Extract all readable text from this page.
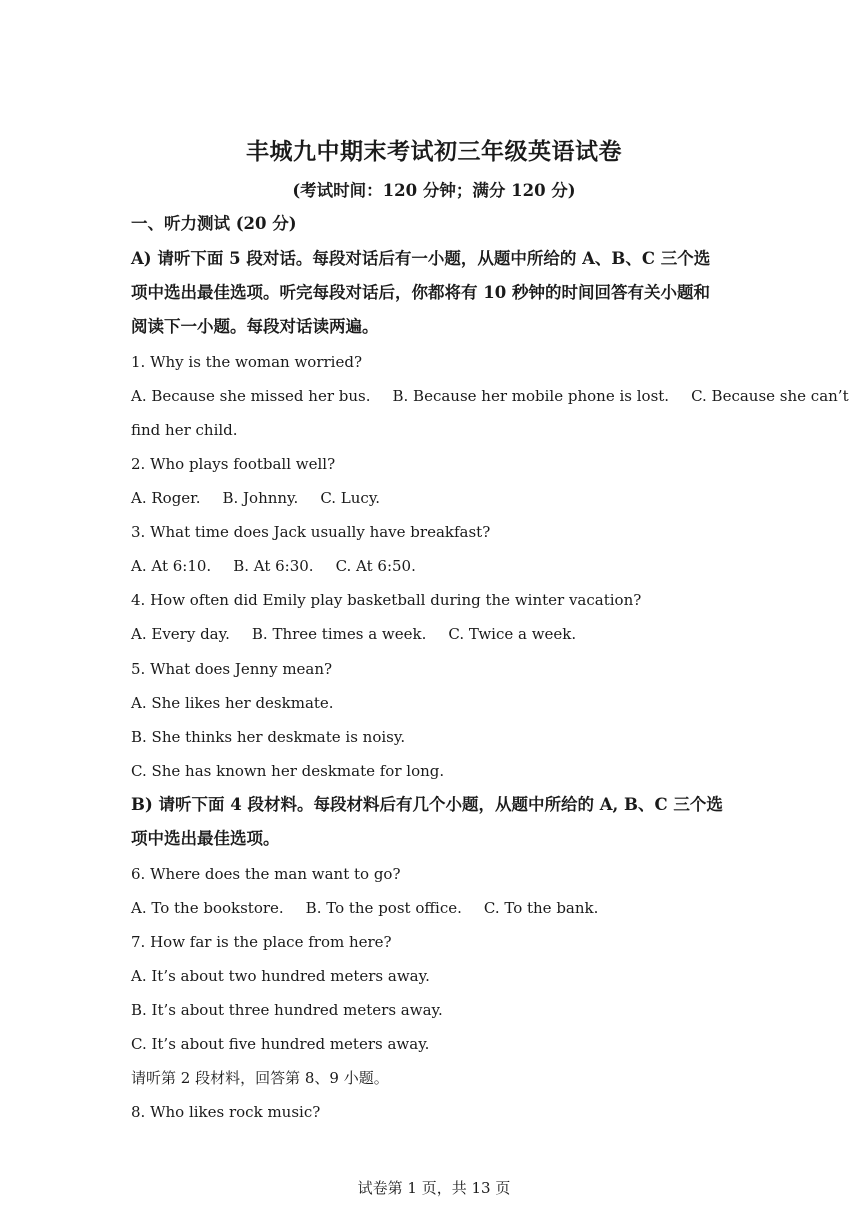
丰城九中期末考试初三年级英语试卷
(考试时间：120 分钟；满分 120 分)
一、听力测试 (20 分)
A) 请听下面 5 段对话。每段对话后有一小题，从题中所给的 A、B、C 三个选
项中选出最佳选项。听完每段对话后，你都将有 10 秒钟的时间回答有关小题和
阅读下一小题。每段对话读两遍。
1. Why is the woman worried?
A. Because she missed her bus. B. Because her mobile phone is lost. C. Because she can’t
find her child.
2. Who plays football well?
A. Roger. B. Johnny. C. Lucy.
3. What time does Jack usually have breakfast?
A. At 6:10. B. At 6:30. C. At 6:50.
4. How often did Emily play basketball during the winter vacation?
A. Every day. B. Three times a week. C. Twice a week.
5. What does Jenny mean?
A. She likes her deskmate.
B. She thinks her deskmate is noisy.
C. She has known her deskmate for long.
B) 请听下面 4 段材料。每段材料后有几个小题，从题中所给的 A, B、C 三个选
项中选出最佳选项。
6. Where does the man want to go?
A. To the bookstore. B. To the post office. C. To the bank.
7. How far is the place from here?
A. It’s about two hundred meters away.
B. It’s about three hundred meters away.
C. It’s about five hundred meters away.
请听第 2 段材料，回答第 8、9 小题。
8. Who likes rock music?
试卷第 1 页，共 13 页
